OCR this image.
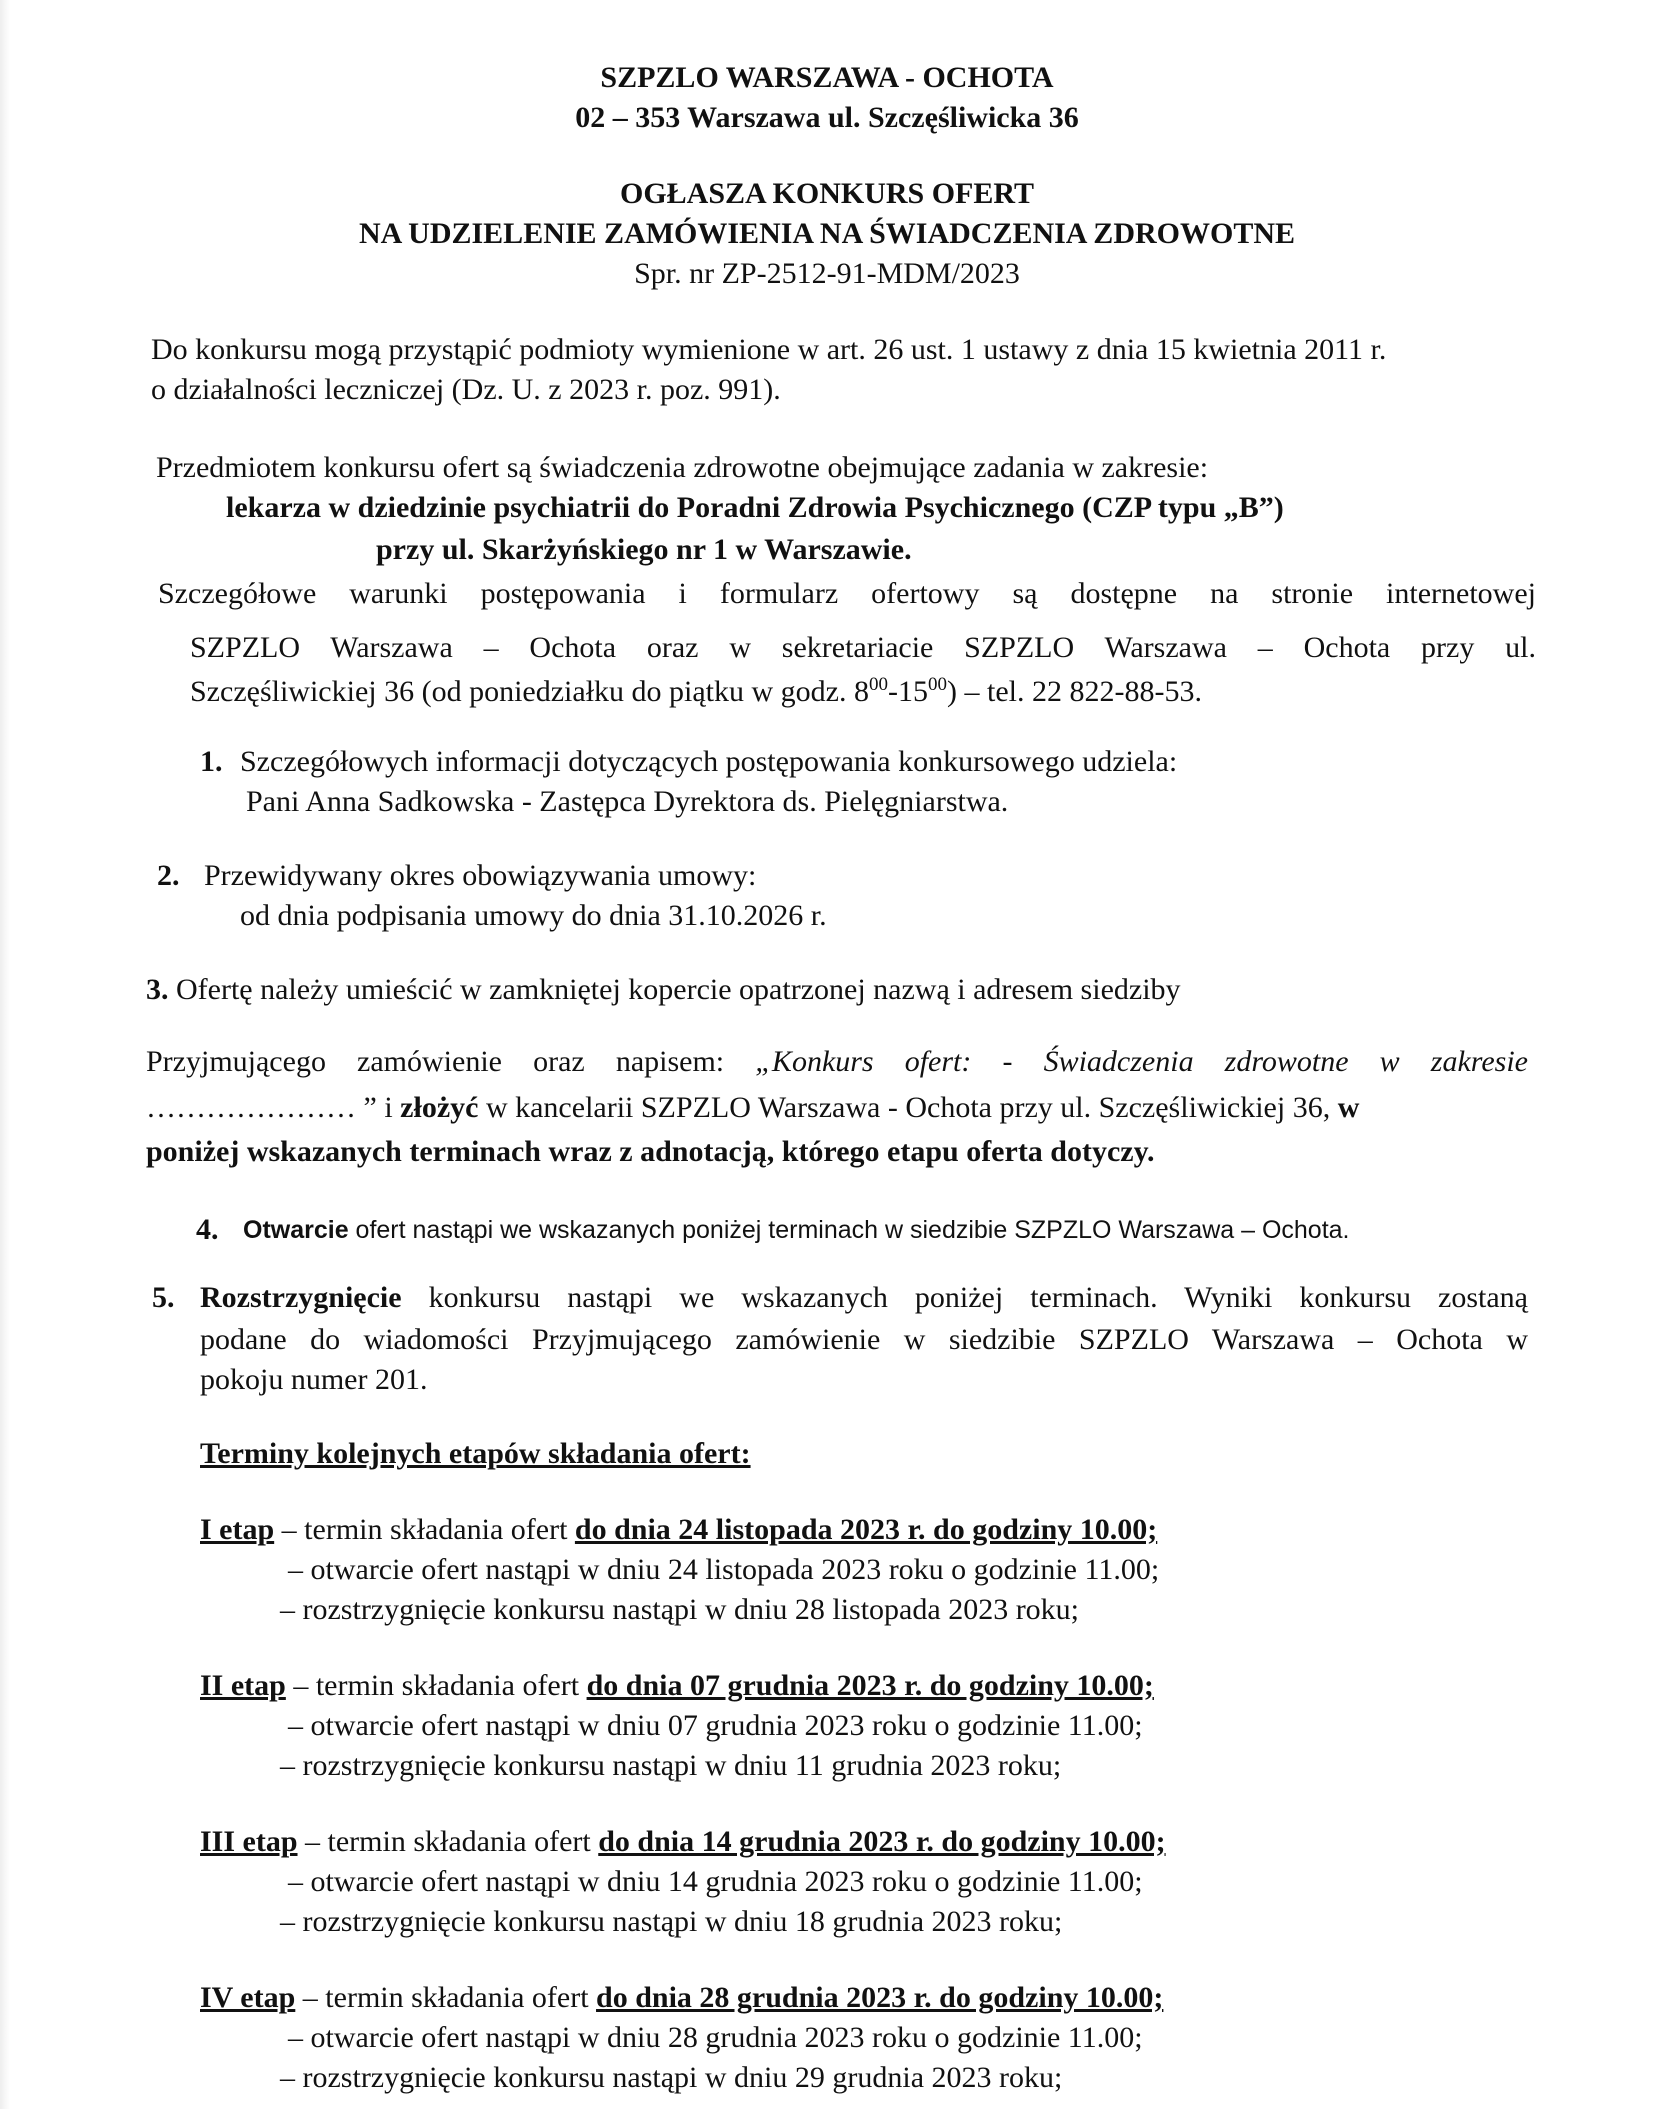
SZPZLO WARSZAWA - OCHOTA
02 – 353 Warszawa ul. Szczęśliwicka 36
OGŁASZA KONKURS OFERT
NA UDZIELENIE ZAMÓWIENIA NA ŚWIADCZENIA ZDROWOTNE
Spr. nr ZP-2512-91-MDM/2023
Do konkursu mogą przystąpić podmioty wymienione w art. 26 ust. 1 ustawy z dnia 15 kwietnia 2011 r.
o działalności leczniczej (Dz. U. z 2023 r. poz. 991).
Przedmiotem konkursu ofert są świadczenia zdrowotne obejmujące zadania w zakresie:
lekarza w dziedzinie psychiatrii do Poradni Zdrowia Psychicznego (CZP typu „B”)
przy ul. Skarżyńskiego nr 1 w Warszawie.
Szczegółowe warunki postępowania i formularz ofertowy są dostępne na stronie internetowej
SZPZLO Warszawa – Ochota oraz w sekretariacie SZPZLO Warszawa – Ochota przy ul.
Szczęśliwickiej 36 (od poniedziałku do piątku w godz. $8^{00}-15^{00}$) – tel. 22 822-88-53.
1. Szczegółowych informacji dotyczących postępowania konkursowego udziela:
Pani Anna Sadkowska - Zastępca Dyrektora ds. Pielęgniarstwa.
2. Przewidywany okres obowiązywania umowy:
od dnia podpisania umowy do dnia 31.10.2026 r.
3. Ofertę należy umieścić w zamkniętej kopercie opatrzonej nazwą i adresem siedziby
Przyjmującego zamówienie oraz napisem: „Konkurs ofert: - Świadczenia zdrowotne w zakresie
………………… ” i złożyć w kancelarii SZPZLO Warszawa - Ochota przy ul. Szczęśliwickiej 36, w
poniżej wskazanych terminach wraz z adnotacją, którego etapu oferta dotyczy.
4. Otwarcie ofert nastąpi we wskazanych poniżej terminach w siedzibie SZPZLO Warszawa – Ochota.
5. Rozstrzygnięcie konkursu nastąpi we wskazanych poniżej terminach. Wyniki konkursu zostaną
podane do wiadomości Przyjmującego zamówienie w siedzibie SZPZLO Warszawa – Ochota w
pokoju numer 201.
Terminy kolejnych etapów składania ofert:
I etap – termin składania ofert do dnia 24 listopada 2023 r. do godziny 10.00;
– otwarcie ofert nastąpi w dniu 24 listopada 2023 roku o godzinie 11.00;
– rozstrzygnięcie konkursu nastąpi w dniu 28 listopada 2023 roku;
II etap – termin składania ofert do dnia 07 grudnia 2023 r. do godziny 10.00;
– otwarcie ofert nastąpi w dniu 07 grudnia 2023 roku o godzinie 11.00;
– rozstrzygnięcie konkursu nastąpi w dniu 11 grudnia 2023 roku;
III etap – termin składania ofert do dnia 14 grudnia 2023 r. do godziny 10.00;
– otwarcie ofert nastąpi w dniu 14 grudnia 2023 roku o godzinie 11.00;
– rozstrzygnięcie konkursu nastąpi w dniu 18 grudnia 2023 roku;
IV etap – termin składania ofert do dnia 28 grudnia 2023 r. do godziny 10.00;
– otwarcie ofert nastąpi w dniu 28 grudnia 2023 roku o godzinie 11.00;
– rozstrzygnięcie konkursu nastąpi w dniu 29 grudnia 2023 roku;
